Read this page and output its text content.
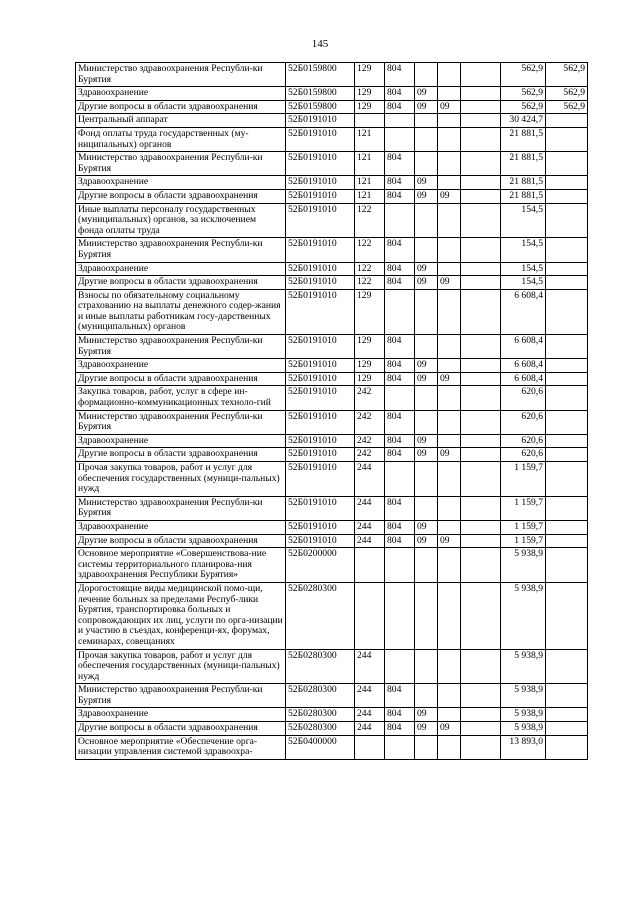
145
Министерство здравоохранения Республи-ки Бурятия	52Б0159800	129	804				562,9	562,9
Здравоохранение	52Б0159800	129	804	09			562,9	562,9
Другие вопросы в области здравоохранения	52Б0159800	129	804	09	09		562,9	562,9
Центральный аппарат	52Б0191010						30 424,7	
Фонд оплаты труда государственных (му-ниципальных) органов	52Б0191010	121					21 881,5	
Министерство здравоохранения Республи-ки Бурятия	52Б0191010	121	804				21 881,5	
Здравоохранение	52Б0191010	121	804	09			21 881,5	
Другие вопросы в области здравоохранения	52Б0191010	121	804	09	09		21 881,5	
Иные выплаты персоналу государственных (муниципальных) органов, за исключением фонда оплаты труда	52Б0191010	122					154,5	
Министерство здравоохранения Республи-ки Бурятия	52Б0191010	122	804				154,5	
Здравоохранение	52Б0191010	122	804	09			154,5	
Другие вопросы в области здравоохранения	52Б0191010	122	804	09	09		154,5	
Взносы по обязательному социальному страхованию на выплаты денежного содер-жания и иные выплаты работникам госу-дарственных (муниципальных) органов	52Б0191010	129					6 608,4	
Министерство здравоохранения Республи-ки Бурятия	52Б0191010	129	804				6 608,4	
Здравоохранение	52Б0191010	129	804	09			6 608,4	
Другие вопросы в области здравоохранения	52Б0191010	129	804	09	09		6 608,4	
Закупка товаров, работ, услуг в сфере ин-формационно-коммуникационных техноло-гий	52Б0191010	242					620,6	
Министерство здравоохранения Республи-ки Бурятия	52Б0191010	242	804				620,6	
Здравоохранение	52Б0191010	242	804	09			620,6	
Другие вопросы в области здравоохранения	52Б0191010	242	804	09	09		620,6	
Прочая закупка товаров, работ и услуг для обеспечения государственных (муници-пальных) нужд	52Б0191010	244					1 159,7	
Министерство здравоохранения Республи-ки Бурятия	52Б0191010	244	804				1 159,7	
Здравоохранение	52Б0191010	244	804	09			1 159,7	
Другие вопросы в области здравоохранения	52Б0191010	244	804	09	09		1 159,7	
Основное мероприятие «Совершенствова-ние системы территориального планирова-ния здравоохранения Республики Бурятия»	52Б0200000						5 938,9	
Дорогостоящие виды медицинской помо-щи, лечение больных за пределами Респуб-лики Бурятия, транспортировка больных и сопровождающих их лиц, услуги по орга-низации и участию в съездах, конференци-ях, форумах, семинарах, совещаниях	52Б0280300						5 938,9	
Прочая закупка товаров, работ и услуг для обеспечения государственных (муници-пальных) нужд	52Б0280300	244					5 938,9	
Министерство здравоохранения Республи-ки Бурятия	52Б0280300	244	804				5 938,9	
Здравоохранение	52Б0280300	244	804	09			5 938,9	
Другие вопросы в области здравоохранения	52Б0280300	244	804	09	09		5 938,9	
Основное мероприятие «Обеспечение орга-низации управления системой здравоохра-	52Б0400000						13 893,0	
